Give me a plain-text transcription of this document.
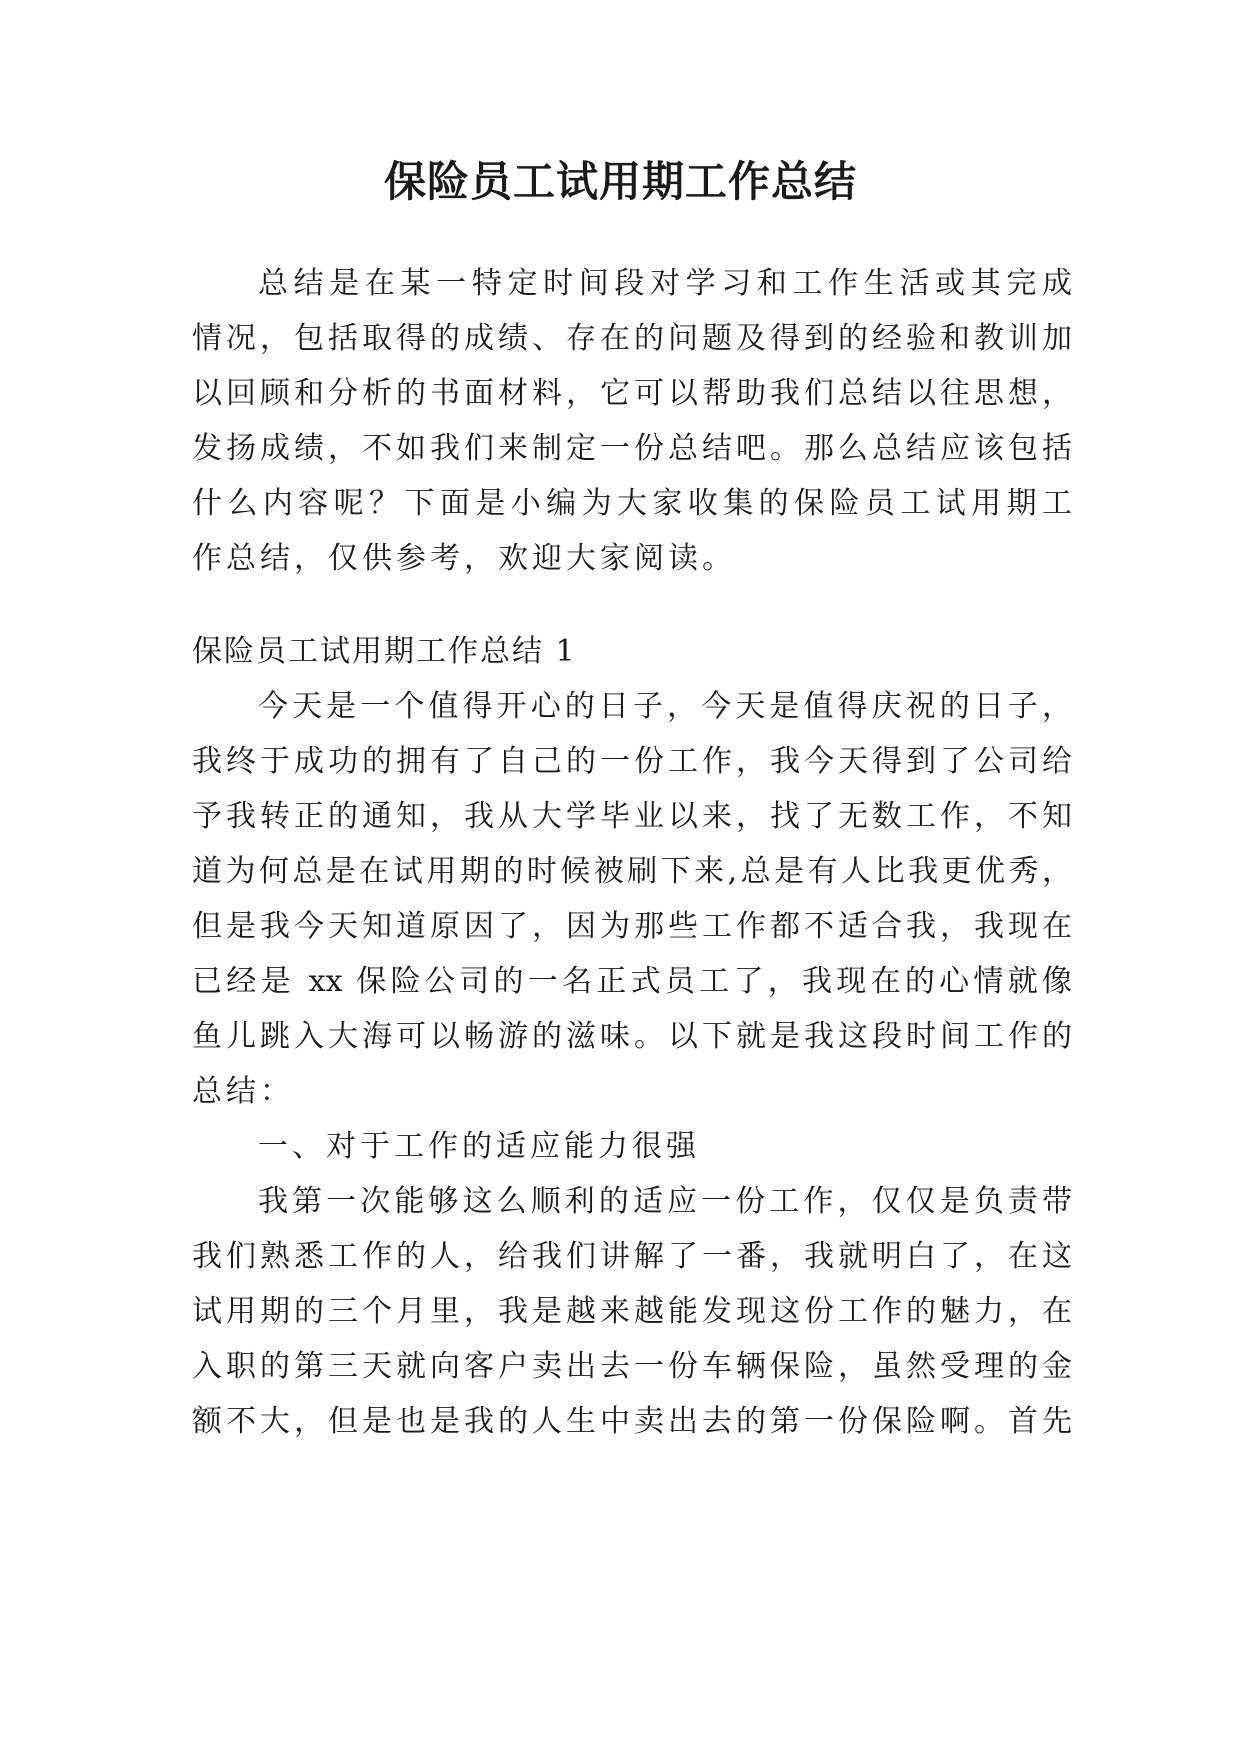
保险员工试用期工作总结
总结是在某一特定时间段对学习和工作生活或其完成
情况，包括取得的成绩、存在的问题及得到的经验和教训加
以回顾和分析的书面材料，它可以帮助我们总结以往思想，
发扬成绩，不如我们来制定一份总结吧。那么总结应该包括
什么内容呢？下面是小编为大家收集的保险员工试用期工
作总结，仅供参考，欢迎大家阅读。
保险员工试用期工作总结 1
今天是一个值得开心的日子，今天是值得庆祝的日子，
我终于成功的拥有了自己的一份工作，我今天得到了公司给
予我转正的通知，我从大学毕业以来，找了无数工作，不知
道为何总是在试用期的时候被刷下来,总是有人比我更优秀，
但是我今天知道原因了，因为那些工作都不适合我，我现在
已经是 xx 保险公司的一名正式员工了，我现在的心情就像
鱼儿跳入大海可以畅游的滋味。以下就是我这段时间工作的
总结：
一、对于工作的适应能力很强
我第一次能够这么顺利的适应一份工作，仅仅是负责带
我们熟悉工作的人，给我们讲解了一番，我就明白了，在这
试用期的三个月里，我是越来越能发现这份工作的魅力，在
入职的第三天就向客户卖出去一份车辆保险，虽然受理的金
额不大，但是也是我的人生中卖出去的第一份保险啊。首先
